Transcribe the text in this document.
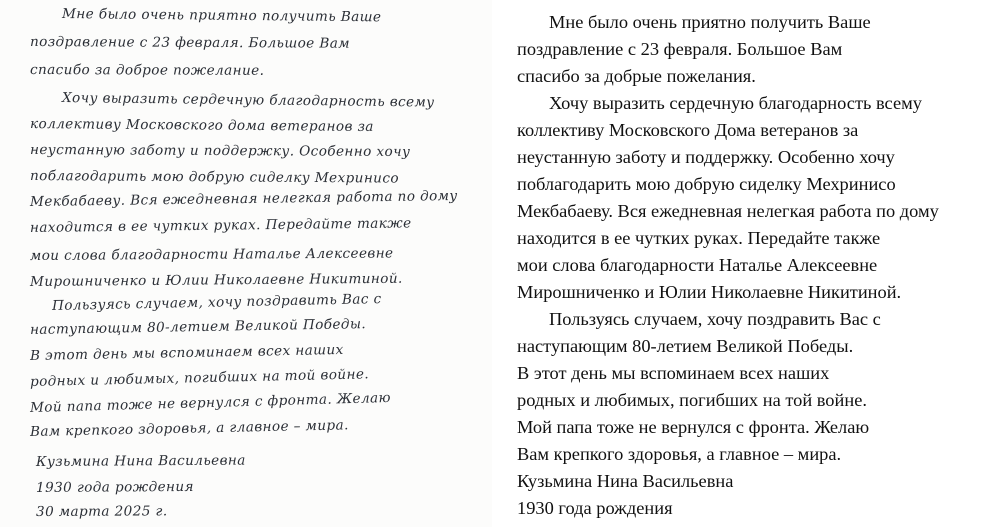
Мне было очень приятно получить Ваше
поздравление с 23 февраля. Большое Вам
спасибо за доброе пожелание.
Хочу выразить сердечную благодарность всему
коллективу Московского дома ветеранов за
неустанную заботу и поддержку. Особенно хочу
поблагодарить мою добрую сиделку Мехринисо
Мекбабаеву. Вся ежедневная нелегкая работа по дому
находится в ее чутких руках. Передайте также
мои слова благодарности Наталье Алексеевне
Мирошниченко и Юлии Николаевне Никитиной.
Пользуясь случаем, хочу поздравить Вас с
наступающим 80-летием Великой Победы.
В этот день мы вспоминаем всех наших
родных и любимых, погибших на той войне.
Мой папа тоже не вернулся с фронта. Желаю
Вам крепкого здоровья, а главное – мира.
Кузьмина Нина Васильевна
1930 года рождения
30 марта 2025 г.
Мне было очень приятно получить Ваше
поздравление с 23 февраля. Большое Вам
спасибо за добрые пожелания.
Хочу выразить сердечную благодарность всему
коллективу Московского Дома ветеранов за
неустанную заботу и поддержку. Особенно хочу
поблагодарить мою добрую сиделку Мехринисо
Мекбабаеву. Вся ежедневная нелегкая работа по дому
находится в ее чутких руках. Передайте также
мои слова благодарности Наталье Алексеевне
Мирошниченко и Юлии Николаевне Никитиной.
Пользуясь случаем, хочу поздравить Вас с
наступающим 80-летием Великой Победы.
В этот день мы вспоминаем всех наших
родных и любимых, погибших на той войне.
Мой папа тоже не вернулся с фронта. Желаю
Вам крепкого здоровья, а главное – мира.
Кузьмина Нина Васильевна
1930 года рождения
